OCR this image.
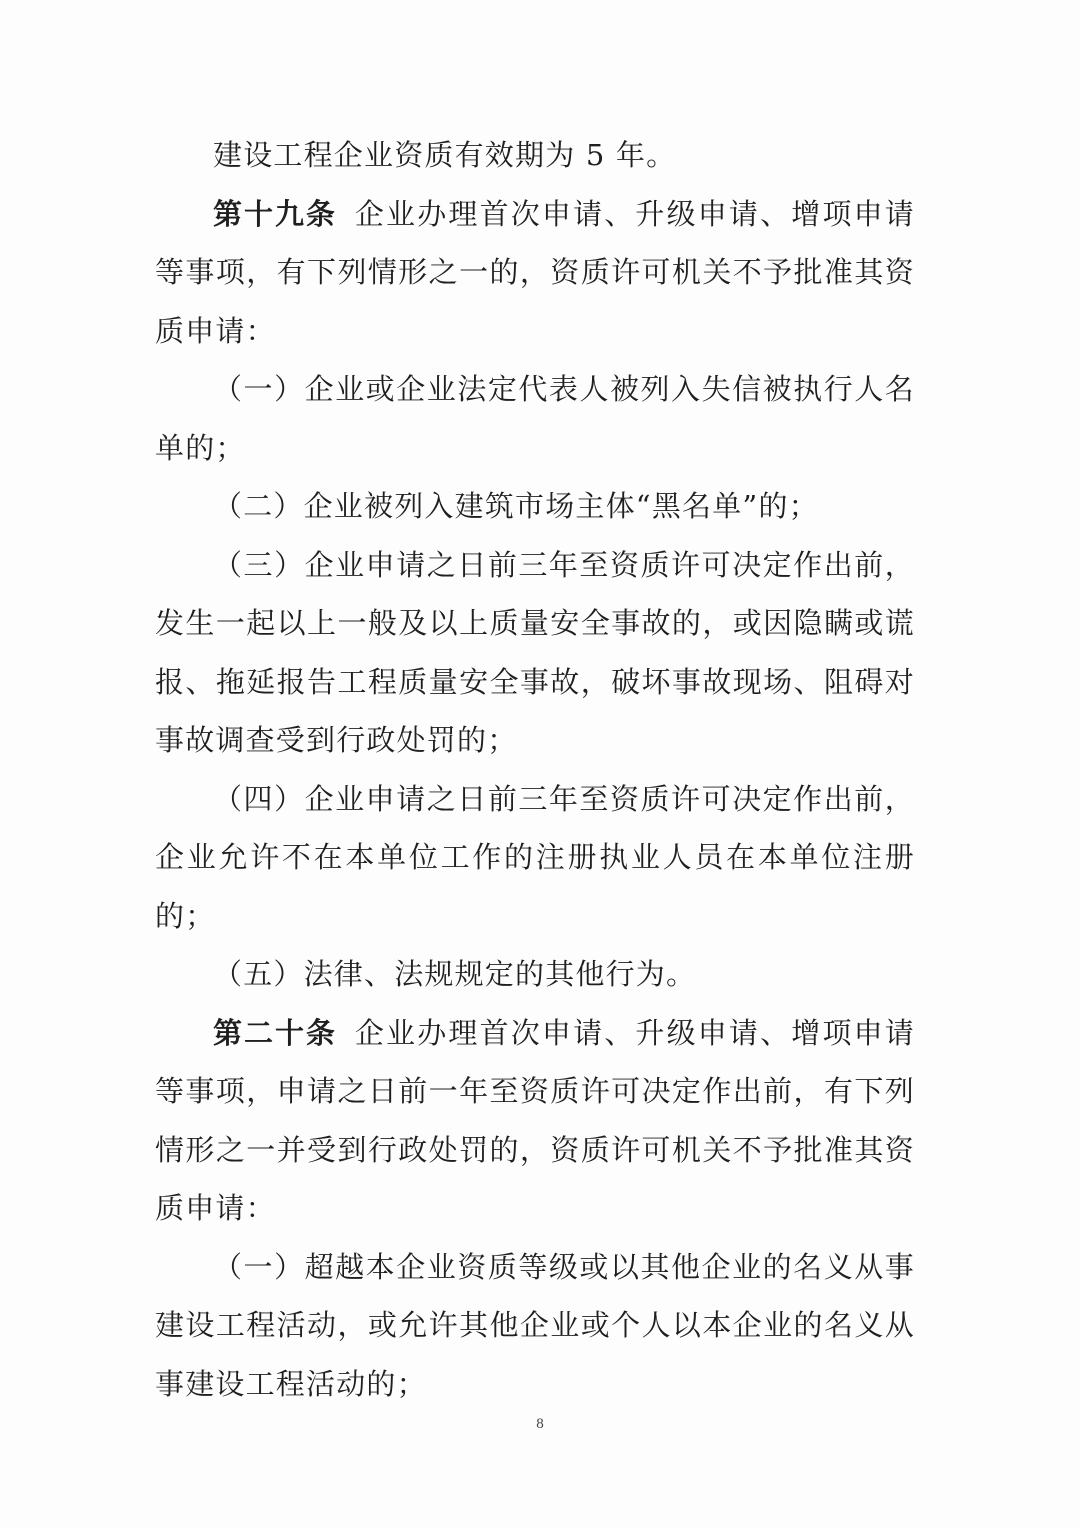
建设工程企业资质有效期为 5 年。

第十九条 企业办理首次申请、升级申请、增项申请等事项，有下列情形之一的，资质许可机关不予批准其资质申请：

（一）企业或企业法定代表人被列入失信被执行人名单的；

（二）企业被列入建筑市场主体“黑名单”的；

（三）企业申请之日前三年至资质许可决定作出前，发生一起以上一般及以上质量安全事故的，或因隐瞒或谎报、拖延报告工程质量安全事故，破坏事故现场、阻碍对事故调查受到行政处罚的；

（四）企业申请之日前三年至资质许可决定作出前，企业允许不在本单位工作的注册执业人员在本单位注册的；

（五）法律、法规规定的其他行为。

第二十条 企业办理首次申请、升级申请、增项申请等事项，申请之日前一年至资质许可决定作出前，有下列情形之一并受到行政处罚的，资质许可机关不予批准其资质申请：

（一）超越本企业资质等级或以其他企业的名义从事建设工程活动，或允许其他企业或个人以本企业的名义从事建设工程活动的；

8
